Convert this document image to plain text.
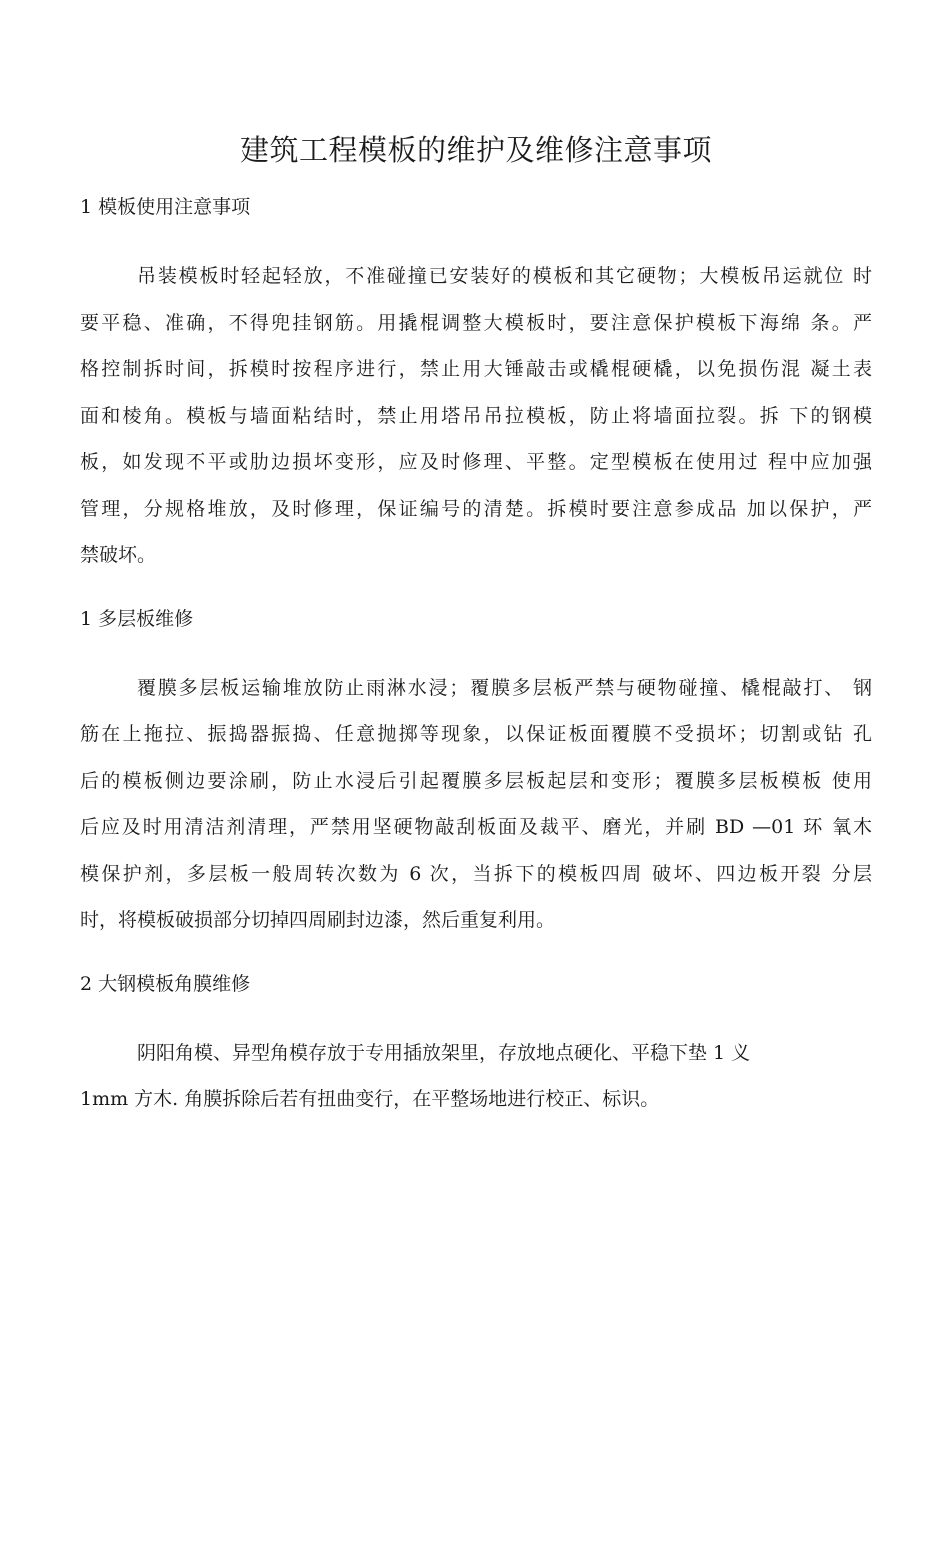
建筑工程模板的维护及维修注意事项

1 模板使用注意事项

吊装模板时轻起轻放，不准碰撞已安装好的模板和其它硬物；大模板吊运就位 时
要平稳、准确，不得兜挂钢筋。用撬棍调整大模板时，要注意保护模板下海绵 条。严
格控制拆时间，拆模时按程序进行，禁止用大锤敲击或橇棍硬橇，以免损伤混 凝土表
面和棱角。模板与墙面粘结时，禁止用塔吊吊拉模板，防止将墙面拉裂。拆 下的钢模
板，如发现不平或肋边损坏变形，应及时修理、平整。定型模板在使用过 程中应加强
管理，分规格堆放，及时修理，保证编号的清楚。拆模时要注意参成品 加以保护，严
禁破坏。

1 多层板维修

覆膜多层板运输堆放防止雨淋水浸；覆膜多层板严禁与硬物碰撞、橇棍敲打、 钢
筋在上拖拉、振捣器振捣、任意抛掷等现象，以保证板面覆膜不受损坏；切割或钻 孔
后的模板侧边要涂刷，防止水浸后引起覆膜多层板起层和变形；覆膜多层板模板 使用
后应及时用清洁剂清理，严禁用坚硬物敲刮板面及裁平、磨光，并刷 BD —01 环 氧木
模保护剂，多层板一般周转次数为 6 次，当拆下的模板四周 破坏、四边板开裂 分层
时，将模板破损部分切掉四周刷封边漆，然后重复利用。

2 大钢模板角膜维修

阴阳角模、异型角模存放于专用插放架里，存放地点硬化、平稳下垫 1 义
1mm 方木. 角膜拆除后若有扭曲变行，在平整场地进行校正、标识。
